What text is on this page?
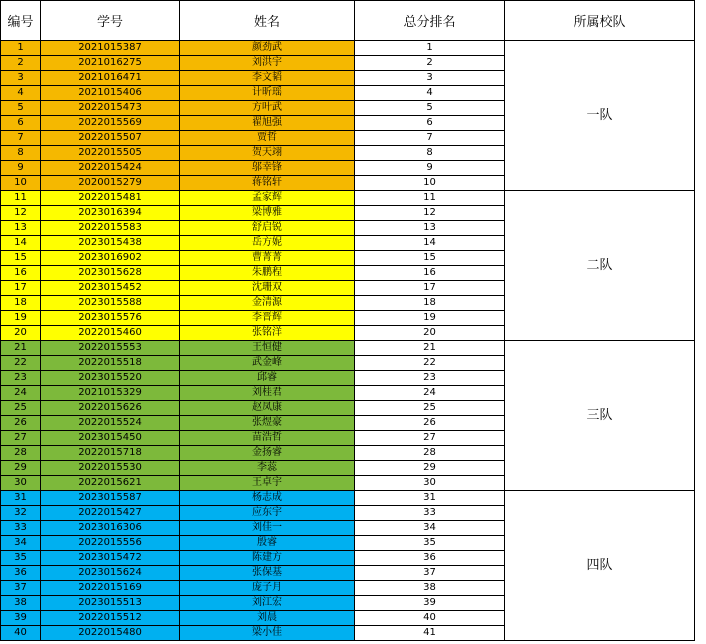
编号	学号	姓名	总分排名	所属校队
1	2021015387	颜劲武	1	一队
2	2021016275	刘洪宇	2	
3	2021016471	李文韬	3	
4	2021015406	计昕瑶	4	
5	2022015473	方叶武	5	
6	2022015569	翟旭强	6	
7	2022015507	贾哲	7	
8	2022015505	贺天翊	8	
9	2022015424	邬幸锋	9	
10	2020015279	蒋铭轩	10	
11	2022015481	孟家辉	11	二队
12	2023016394	梁博雅	12	
13	2022015583	舒启锐	13	
14	2023015438	岳方妮	14	
15	2023016902	曹菁菁	15	
16	2023015628	朱鹏程	16	
17	2023015452	沈珊双	17	
18	2023015588	金清源	18	
19	2023015576	李晋辉	19	
20	2022015460	张铭洋	20	
21	2022015553	王恒健	21	三队
22	2022015518	武金峰	22	
23	2023015520	邱睿	23	
24	2021015329	刘桂君	24	
25	2022015626	赵凤康	25	
26	2022015524	张煜豪	26	
27	2023015450	苗浩哲	27	
28	2022015718	金扬睿	28	
29	2022015530	李蕊	29	
30	2022015621	王卓宇	30	
31	2023015587	杨志成	31	四队
32	2022015427	应东宇	33	
33	2023016306	刘佳一	34	
34	2022015556	殷睿	35	
35	2023015472	陈建方	36	
36	2023015624	张保基	37	
37	2022015169	庞子月	38	
38	2023015513	刘江宏	39	
39	2022015512	刘晨	40	
40	2022015480	梁小佳	41	
